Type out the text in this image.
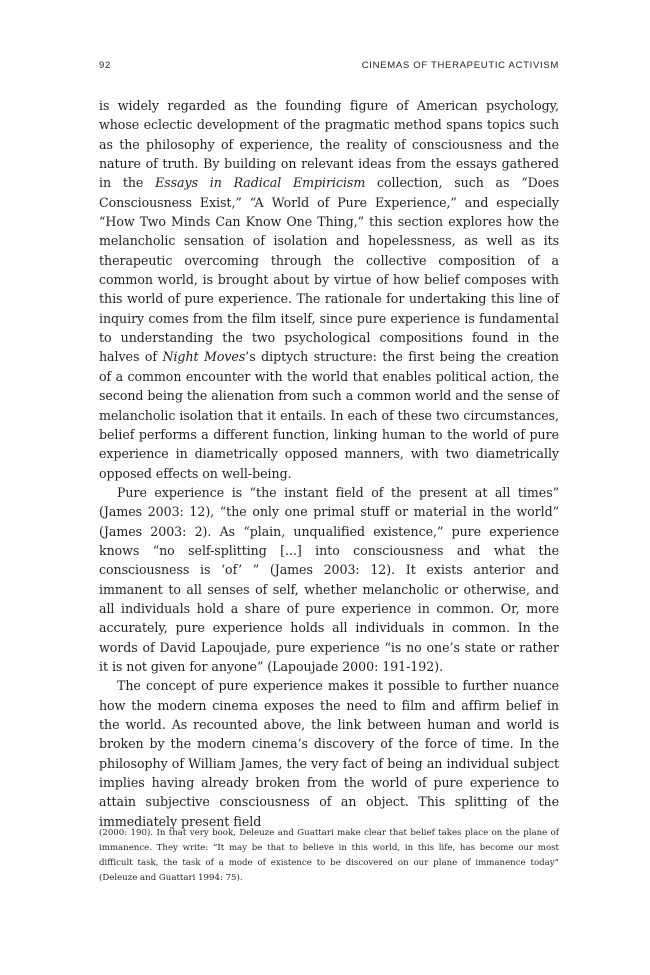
92	CINEMAS OF THERAPEUTIC ACTIVISM

is widely regarded as the founding figure of American psychology, whose eclectic development of the pragmatic method spans topics such as the philosophy of experience, the reality of consciousness and the nature of truth. By building on relevant ideas from the essays gathered in the Essays in Radical Empiricism collection, such as “Does Consciousness Exist,” “A World of Pure Experience,” and especially “How Two Minds Can Know One Thing,” this section explores how the melancholic sensation of isolation and hopelessness, as well as its therapeutic overcoming through the collective composition of a common world, is brought about by virtue of how belief composes with this world of pure experience. The rationale for undertaking this line of inquiry comes from the film itself, since pure experience is fundamental to understanding the two psychological compositions found in the halves of Night Moves’s diptych structure: the first being the creation of a common encounter with the world that enables political action, the second being the alienation from such a common world and the sense of melancholic isolation that it entails. In each of these two circumstances, belief performs a different function, linking human to the world of pure experience in diametrically opposed manners, with two diametrically opposed effects on well-being.

Pure experience is “the instant field of the present at all times” (James 2003: 12), “the only one primal stuff or material in the world” (James 2003: 2). As “plain, unqualified existence,” pure experience knows “no self-splitting [...] into consciousness and what the consciousness is ‘of’ ” (James 2003: 12). It exists anterior and immanent to all senses of self, whether melancholic or otherwise, and all individuals hold a share of pure experience in common. Or, more accurately, pure experience holds all individuals in common. In the words of David Lapoujade, pure experience “is no one’s state or rather it is not given for anyone” (Lapoujade 2000: 191-192).

The concept of pure experience makes it possible to further nuance how the modern cinema exposes the need to film and affirm belief in the world. As recounted above, the link between human and world is broken by the modern cinema’s discovery of the force of time. In the philosophy of William James, the very fact of being an individual subject implies having already broken from the world of pure experience to attain subjective consciousness of an object. This splitting of the immediately present field

(2000: 190). In that very book, Deleuze and Guattari make clear that belief takes place on the plane of immanence. They write: “It may be that to believe in this world, in this life, has become our most difficult task, the task of a mode of existence to be discovered on our plane of immanence today” (Deleuze and Guattari 1994: 75).
